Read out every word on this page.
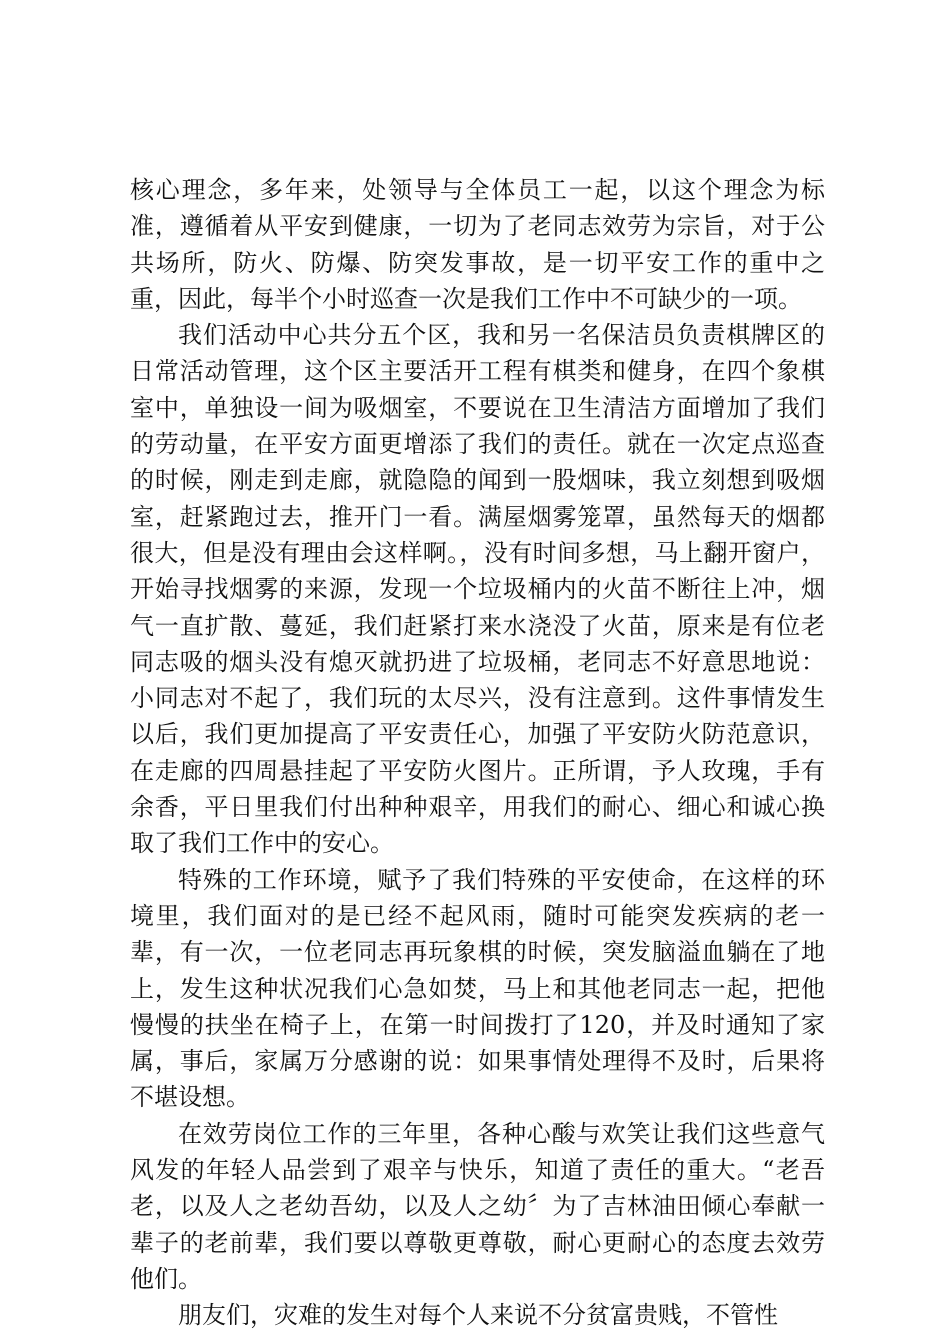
核心理念，多年来，处领导与全体员工一起，以这个理念为标准，遵循着从平安到健康，一切为了老同志效劳为宗旨，对于公共场所，防火、防爆、防突发事故，是一切平安工作的重中之重，因此，每半个小时巡查一次是我们工作中不可缺少的一项。

我们活动中心共分五个区，我和另一名保洁员负责棋牌区的日常活动管理，这个区主要活开工程有棋类和健身，在四个象棋室中，单独设一间为吸烟室，不要说在卫生清洁方面增加了我们的劳动量，在平安方面更增添了我们的责任。就在一次定点巡查的时候，刚走到走廊，就隐隐的闻到一股烟味，我立刻想到吸烟室，赶紧跑过去，推开门一看。满屋烟雾笼罩，虽然每天的烟都很大，但是没有理由会这样啊。，没有时间多想，马上翻开窗户，开始寻找烟雾的来源，发现一个垃圾桶内的火苗不断往上冲，烟气一直扩散、蔓延，我们赶紧打来水浇没了火苗，原来是有位老同志吸的烟头没有熄灭就扔进了垃圾桶，老同志不好意思地说：小同志对不起了，我们玩的太尽兴，没有注意到。这件事情发生以后，我们更加提高了平安责任心，加强了平安防火防范意识，在走廊的四周悬挂起了平安防火图片。正所谓，予人玫瑰，手有余香，平日里我们付出种种艰辛，用我们的耐心、细心和诚心换取了我们工作中的安心。

特殊的工作环境，赋予了我们特殊的平安使命，在这样的环境里，我们面对的是已经不起风雨，随时可能突发疾病的老一辈，有一次，一位老同志再玩象棋的时候，突发脑溢血躺在了地上，发生这种状况我们心急如焚，马上和其他老同志一起，把他慢慢的扶坐在椅子上，在第一时间拨打了120，并及时通知了家属，事后，家属万分感谢的说：如果事情处理得不及时，后果将不堪设想。

在效劳岗位工作的三年里，各种心酸与欢笑让我们这些意气风发的年轻人品尝到了艰辛与快乐，知道了责任的重大。“老吾老，以及人之老幼吾幼，以及人之幼〞为了吉林油田倾心奉献一辈子的老前辈，我们要以尊敬更尊敬，耐心更耐心的态度去效劳他们。

朋友们，灾难的发生对每个人来说不分贫富贵贱，不管性
